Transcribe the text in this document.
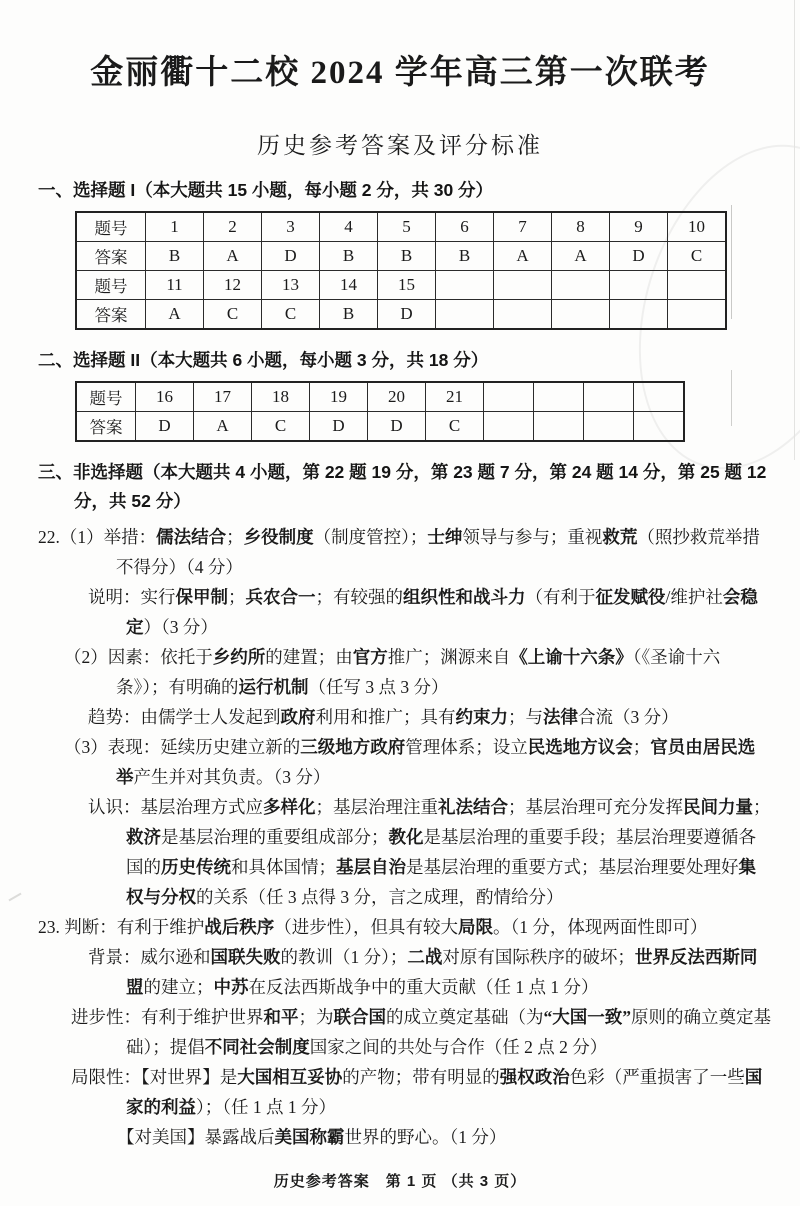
金丽衢十二校 2024 学年高三第一次联考
历史参考答案及评分标准
一、选择题 I（本大题共 15 小题，每小题 2 分，共 30 分）
题号	1	2	3	4	5	6	7	8	9	10
答案	B	A	D	B	B	B	A	A	D	C
题号	11	12	13	14	15					
答案	A	C	C	B	D					
二、选择题 II（本大题共 6 小题，每小题 3 分，共 18 分）
题号	16	17	18	19	20	21				
答案	D	A	C	D	D	C				
三、非选择题（本大题共 4 小题，第 22 题 19 分，第 23 题 7 分，第 24 题 14 分，第 25 题 12 分，共 52 分）
22.（1）举措：儒法结合；乡役制度（制度管控）；士绅领导与参与；重视救荒（照抄救荒举措不得分）（4 分）
说明：实行保甲制；兵农合一；有较强的组织性和战斗力（有利于征发赋役/维护社会稳定）（3 分）
（2）因素：依托于乡约所的建置；由官方推广；渊源来自《上谕十六条》（《圣谕十六条》）；有明确的运行机制（任写 3 点 3 分）
趋势：由儒学士人发起到政府利用和推广；具有约束力；与法律合流（3 分）
（3）表现：延续历史建立新的三级地方政府管理体系；设立民选地方议会；官员由居民选举产生并对其负责。（3 分）
认识：基层治理方式应多样化；基层治理注重礼法结合；基层治理可充分发挥民间力量；救济是基层治理的重要组成部分；教化是基层治理的重要手段；基层治理要遵循各国的历史传统和具体国情；基层自治是基层治理的重要方式；基层治理要处理好集权与分权的关系（任 3 点得 3 分，言之成理，酌情给分）
23. 判断：有利于维护战后秩序（进步性），但具有较大局限。（1 分，体现两面性即可）
背景：威尔逊和国联失败的教训（1 分）；二战对原有国际秩序的破坏；世界反法西斯同盟的建立；中苏在反法西斯战争中的重大贡献（任 1 点 1 分）
进步性：有利于维护世界和平；为联合国的成立奠定基础（为“大国一致”原则的确立奠定基础）；提倡不同社会制度国家之间的共处与合作（任 2 点 2 分）
局限性：【对世界】是大国相互妥协的产物；带有明显的强权政治色彩（严重损害了一些国家的利益）；（任 1 点 1 分）
【对美国】暴露战后美国称霸世界的野心。（1 分）
历史参考答案　第 1 页 （共 3 页）
